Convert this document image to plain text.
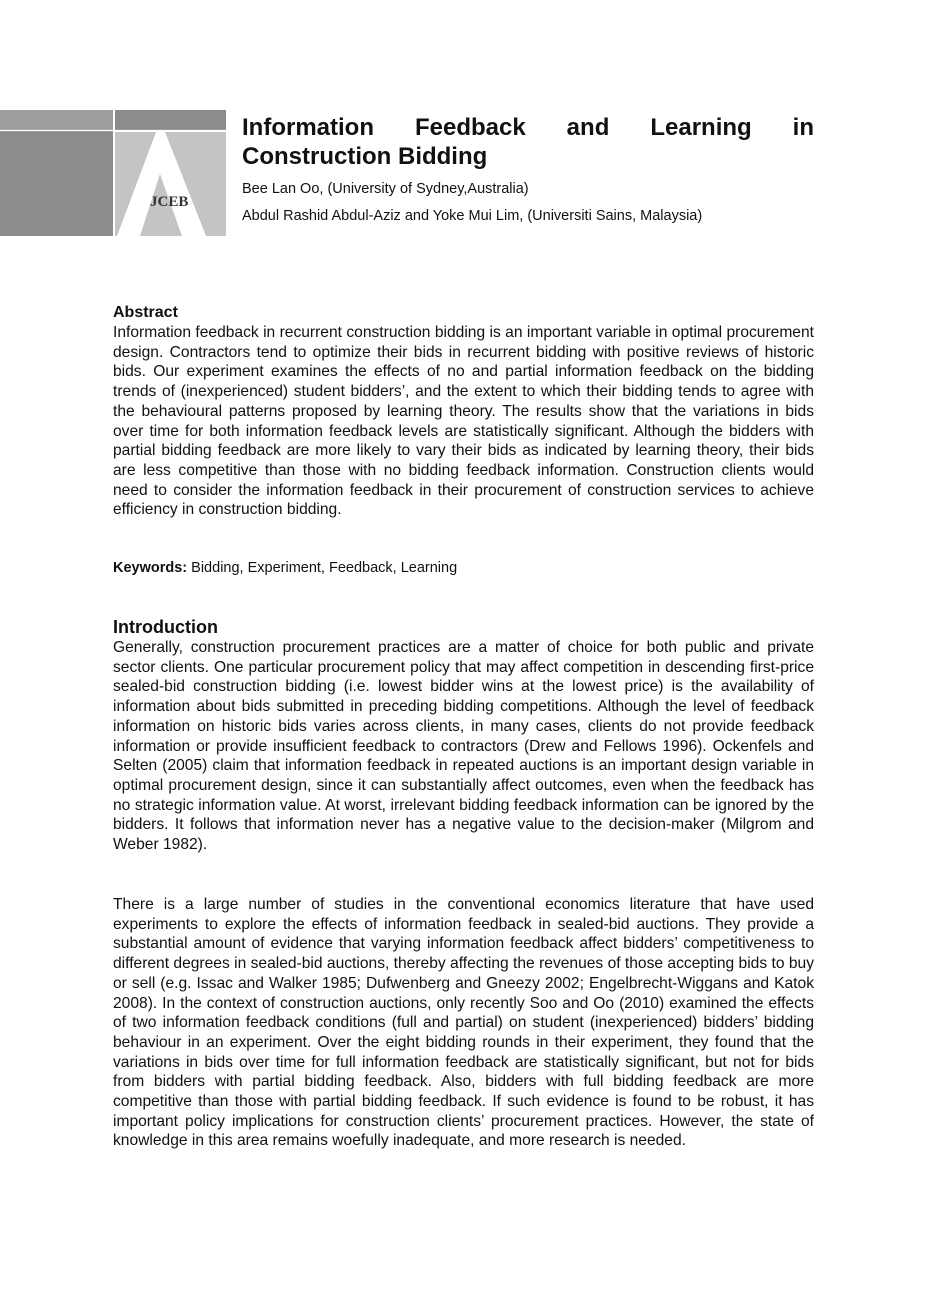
JCEB
Information Feedback and Learning in Construction Bidding

Bee Lan Oo, (University of Sydney,Australia)

Abdul Rashid Abdul-Aziz and Yoke Mui Lim, (Universiti Sains, Malaysia)

Abstract

Information feedback in recurrent construction bidding is an important variable in optimal procurement design. Contractors tend to optimize their bids in recurrent bidding with positive reviews of historic bids. Our experiment examines the effects of no and partial information feedback on the bidding trends of (inexperienced) student bidders’, and the extent to which their bidding tends to agree with the behavioural patterns proposed by learning theory. The results show that the variations in bids over time for both information feedback levels are statistically significant. Although the bidders with partial bidding feedback are more likely to vary their bids as indicated by learning theory, their bids are less competitive than those with no bidding feedback information. Construction clients would need to consider the information feedback in their procurement of construction services to achieve efficiency in construction bidding.

Keywords: Bidding, Experiment, Feedback, Learning

Introduction

Generally, construction procurement practices are a matter of choice for both public and private sector clients. One particular procurement policy that may affect competition in descending first-price sealed-bid construction bidding (i.e. lowest bidder wins at the lowest price) is the availability of information about bids submitted in preceding bidding competitions. Although the level of feedback information on historic bids varies across clients, in many cases, clients do not provide feedback information or provide insufficient feedback to contractors (Drew and Fellows 1996). Ockenfels and Selten (2005) claim that information feedback in repeated auctions is an important design variable in optimal procurement design, since it can substantially affect outcomes, even when the feedback has no strategic information value. At worst, irrelevant bidding feedback information can be ignored by the bidders. It follows that information never has a negative value to the decision-maker (Milgrom and Weber 1982).

There is a large number of studies in the conventional economics literature that have used experiments to explore the effects of information feedback in sealed-bid auctions. They provide a substantial amount of evidence that varying information feedback affect bidders’ competitiveness to different degrees in sealed-bid auctions, thereby affecting the revenues of those accepting bids to buy or sell (e.g. Issac and Walker 1985; Dufwenberg and Gneezy 2002; Engelbrecht-Wiggans and Katok 2008). In the context of construction auctions, only recently Soo and Oo (2010) examined the effects of two information feedback conditions (full and partial) on student (inexperienced) bidders’ bidding behaviour in an experiment. Over the eight bidding rounds in their experiment, they found that the variations in bids over time for full information feedback are statistically significant, but not for bids from bidders with partial bidding feedback. Also, bidders with full bidding feedback are more competitive than those with partial bidding feedback. If such evidence is found to be robust, it has important policy implications for construction clients’ procurement practices. However, the state of knowledge in this area remains woefully inadequate, and more research is needed.
